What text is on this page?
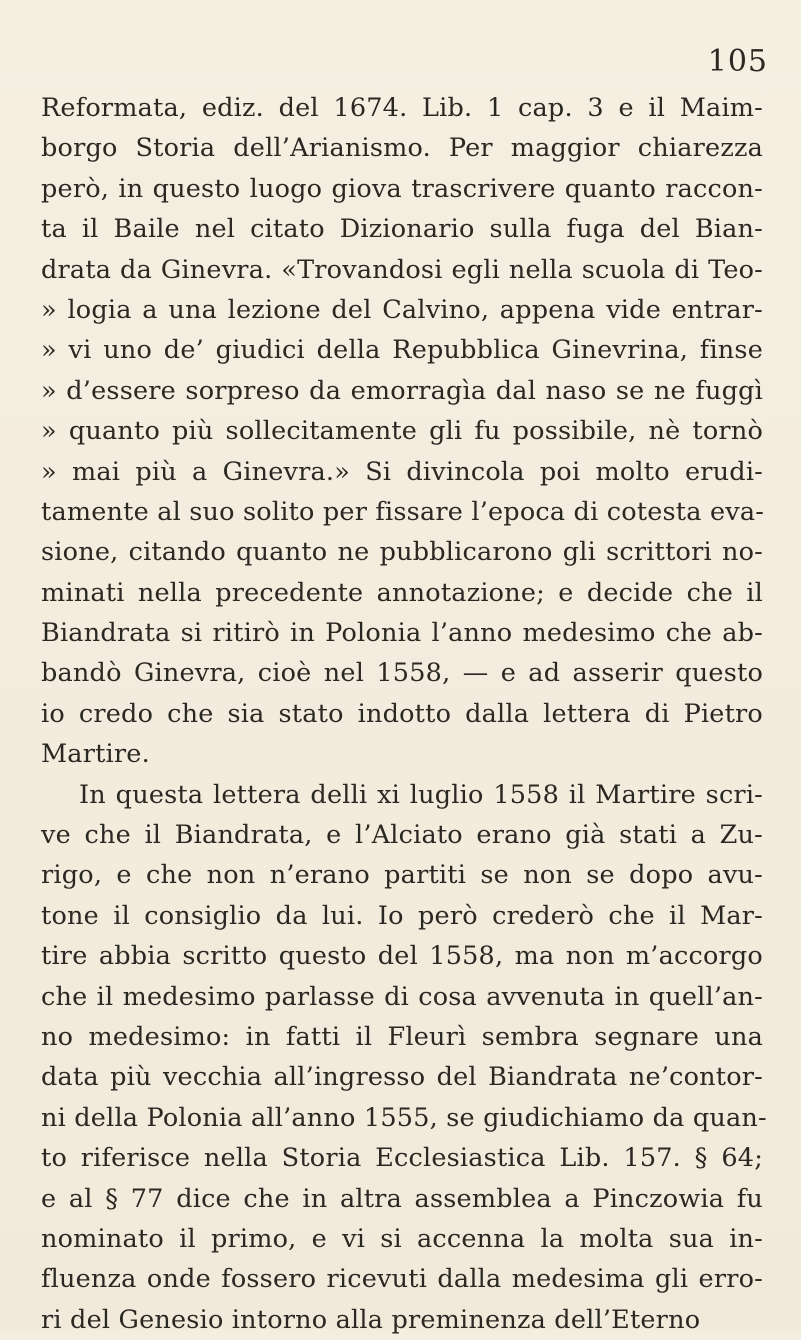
105
Reformata, ediz. del 1674. Lib. 1 cap. 3 e il Maim-
borgo Storia dell’Arianismo. Per maggior chiarezza
però, in questo luogo giova trascrivere quanto raccon-
ta il Baile nel citato Dizionario sulla fuga del Bian-
drata da Ginevra. «Trovandosi egli nella scuola di Teo-
» logia a una lezione del Calvino, appena vide entrar-
» vi uno de’ giudici della Repubblica Ginevrina, finse
» d’essere sorpreso da emorragìa dal naso se ne fuggì
» quanto più sollecitamente gli fu possibile, nè tornò
» mai più a Ginevra.» Si divincola poi molto erudi-
tamente al suo solito per fissare l’epoca di cotesta eva-
sione, citando quanto ne pubblicarono gli scrittori no-
minati nella precedente annotazione; e decide che il
Biandrata si ritirò in Polonia l’anno medesimo che ab-
bandò Ginevra, cioè nel 1558, — e ad asserir questo
io credo che sia stato indotto dalla lettera di Pietro
Martire.
In questa lettera delli xi luglio 1558 il Martire scri-
ve che il Biandrata, e l’Alciato erano già stati a Zu-
rigo, e che non n’erano partiti se non se dopo avu-
tone il consiglio da lui. Io però crederò che il Mar-
tire abbia scritto questo del 1558, ma non m’accorgo
che il medesimo parlasse di cosa avvenuta in quell’an-
no medesimo: in fatti il Fleurì sembra segnare una
data più vecchia all’ingresso del Biandrata ne’contor-
ni della Polonia all’anno 1555, se giudichiamo da quan-
to riferisce nella Storia Ecclesiastica Lib. 157. § 64;
e al § 77 dice che in altra assemblea a Pinczowia fu
nominato il primo, e vi si accenna la molta sua in-
fluenza onde fossero ricevuti dalla medesima gli erro-
ri del Genesio intorno alla preminenza dell’Eterno
